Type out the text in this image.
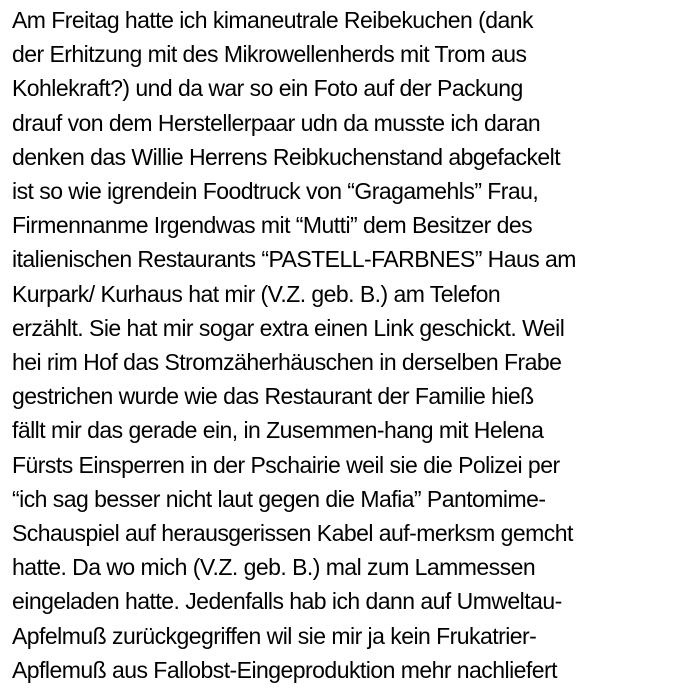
Am Freitag hatte ich kimaneutrale Reibekuchen (dank
der Erhitzung mit des Mikrowellenherds mit Trom aus
Kohlekraft?) und da war so ein Foto auf der Packung
drauf von dem Herstellerpaar udn da musste ich daran
denken das Willie Herrens Reibkuchenstand abgefackelt
ist so wie igrendein Foodtruck von “Gragamehls” Frau,
Firmennanme Irgendwas mit “Mutti” dem Besitzer des
italienischen Restaurants “PASTELL-FARBNES” Haus am
Kurpark/ Kurhaus hat mir (V.Z. geb. B.) am Telefon
erzählt. Sie hat mir sogar extra einen Link geschickt. Weil
hei rim Hof das Stromzäherhäuschen in derselben Frabe
gestrichen wurde wie das Restaurant der Familie hieß
fällt mir das gerade ein, in Zusemmen-hang mit Helena
Fürsts Einsperren in der Pschairie weil sie die Polizei per
“ich sag besser nicht laut gegen die Mafia” Pantomime-
Schauspiel auf herausgerissen Kabel auf-merksm gemcht
hatte. Da wo mich (V.Z. geb. B.) mal zum Lammessen
eingeladen hatte. Jedenfalls hab ich dann auf Umweltau-
Apfelmuß zurückgegriffen wil sie mir ja kein Frukatrier-
Apflemuß aus Fallobst-Eingeproduktion mehr nachliefert
